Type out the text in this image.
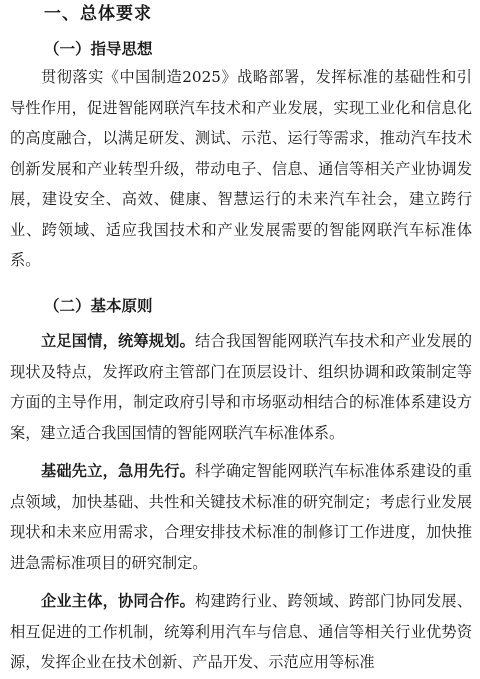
一、总体要求
（一）指导思想

贯彻落实《中国制造2025》战略部署，发挥标准的基础性和引导性作用，促进智能网联汽车技术和产业发展，实现工业化和信息化的高度融合，以满足研发、测试、示范、运行等需求，推动汽车技术创新发展和产业转型升级，带动电子、信息、通信等相关产业协调发展，建设安全、高效、健康、智慧运行的未来汽车社会，建立跨行业、跨领域、适应我国技术和产业发展需要的智能网联汽车标准体系。

（二）基本原则

立足国情，统筹规划。结合我国智能网联汽车技术和产业发展的现状及特点，发挥政府主管部门在顶层设计、组织协调和政策制定等方面的主导作用，制定政府引导和市场驱动相结合的标准体系建设方案，建立适合我国国情的智能网联汽车标准体系。

基础先立，急用先行。科学确定智能网联汽车标准体系建设的重点领域，加快基础、共性和关键技术标准的研究制定；考虑行业发展现状和未来应用需求，合理安排技术标准的制修订工作进度，加快推进急需标准项目的研究制定。

企业主体，协同合作。构建跨行业、跨领域、跨部门协同发展、相互促进的工作机制，统筹利用汽车与信息、通信等相关行业优势资源，发挥企业在技术创新、产品开发、示范应用等标准
